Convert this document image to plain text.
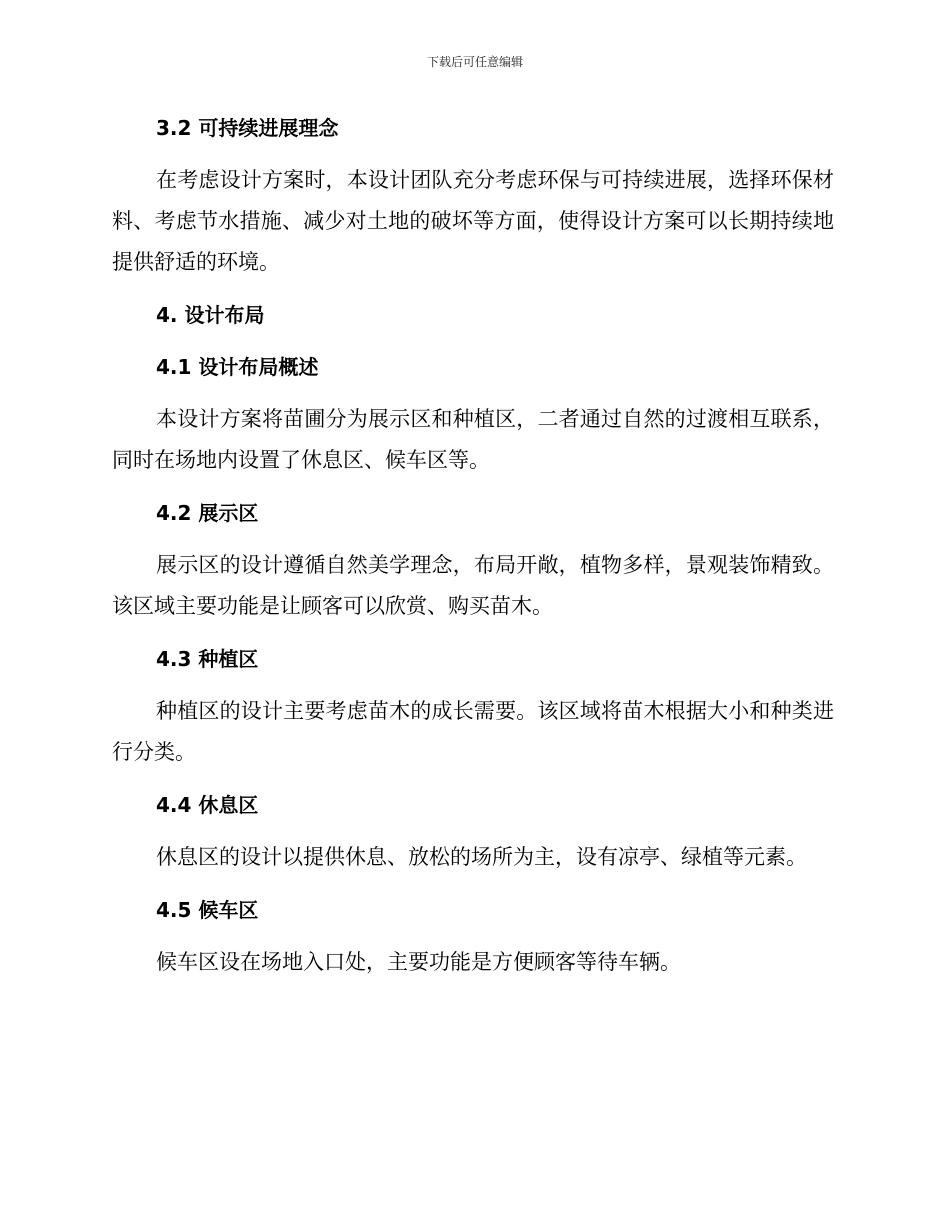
下载后可任意编辑
3.2 可持续进展理念

在考虑设计方案时，本设计团队充分考虑环保与可持续进展，选择环保材料、考虑节水措施、减少对土地的破坏等方面，使得设计方案可以长期持续地提供舒适的环境。

4. 设计布局
4.1 设计布局概述

本设计方案将苗圃分为展示区和种植区，二者通过自然的过渡相互联系，同时在场地内设置了休息区、候车区等。

4.2 展示区

展示区的设计遵循自然美学理念，布局开敞，植物多样，景观装饰精致。该区域主要功能是让顾客可以欣赏、购买苗木。

4.3 种植区

种植区的设计主要考虑苗木的成长需要。该区域将苗木根据大小和种类进行分类。

4.4 休息区

休息区的设计以提供休息、放松的场所为主，设有凉亭、绿植等元素。

4.5 候车区

候车区设在场地入口处，主要功能是方便顾客等待车辆。
